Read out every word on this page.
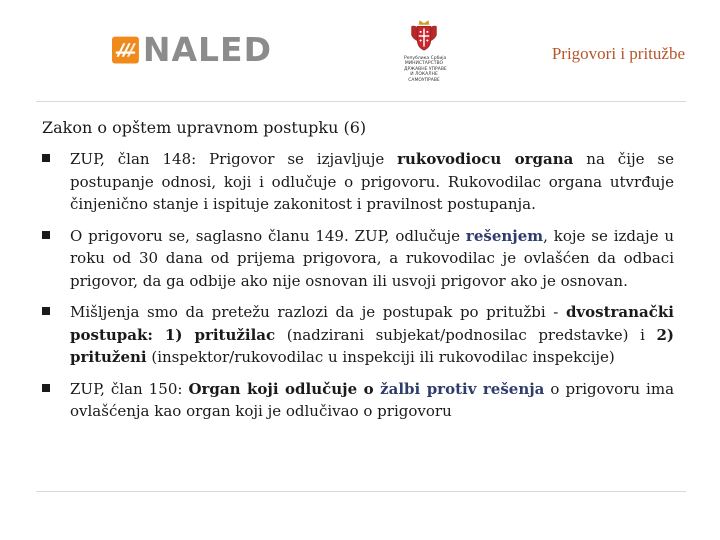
NALED	Република Србија
МИНИСТАРСТВО
ДРЖАВНЕ УПРАВЕ
И ЛОКАЛНЕ
САМОУПРАВЕ
Prigovori i pritužbe
Zakon o opštem upravnom postupku (6)
ZUP, član 148: Prigovor se izjavljuje rukovodiocu organa na čije se postupanje odnosi, koji i odlučuje o prigovoru. Rukovodilac organa utvrđuje činjenično stanje i ispituje zakonitost i pravilnost postupanja.
O prigovoru se, saglasno članu 149. ZUP, odlučuje rešenjem, koje se izdaje u roku od 30 dana od prijema prigovora, a rukovodilac je ovlašćen da odbaci prigovor, da ga odbije ako nije osnovan ili usvoji prigovor ako je osnovan.
Mišljenja smo da pretežu razlozi da je postupak po pritužbi - dvostranački postupak: 1) pritužilac (nadzirani subjekat/podnosilac predstavke) i 2) prituženi (inspektor/rukovodilac u inspekciji ili rukovodilac inspekcije)
ZUP, član 150: Organ koji odlučuje o žalbi protiv rešenja o prigovoru ima ovlašćenja kao organ koji je odlučivao o prigovoru
